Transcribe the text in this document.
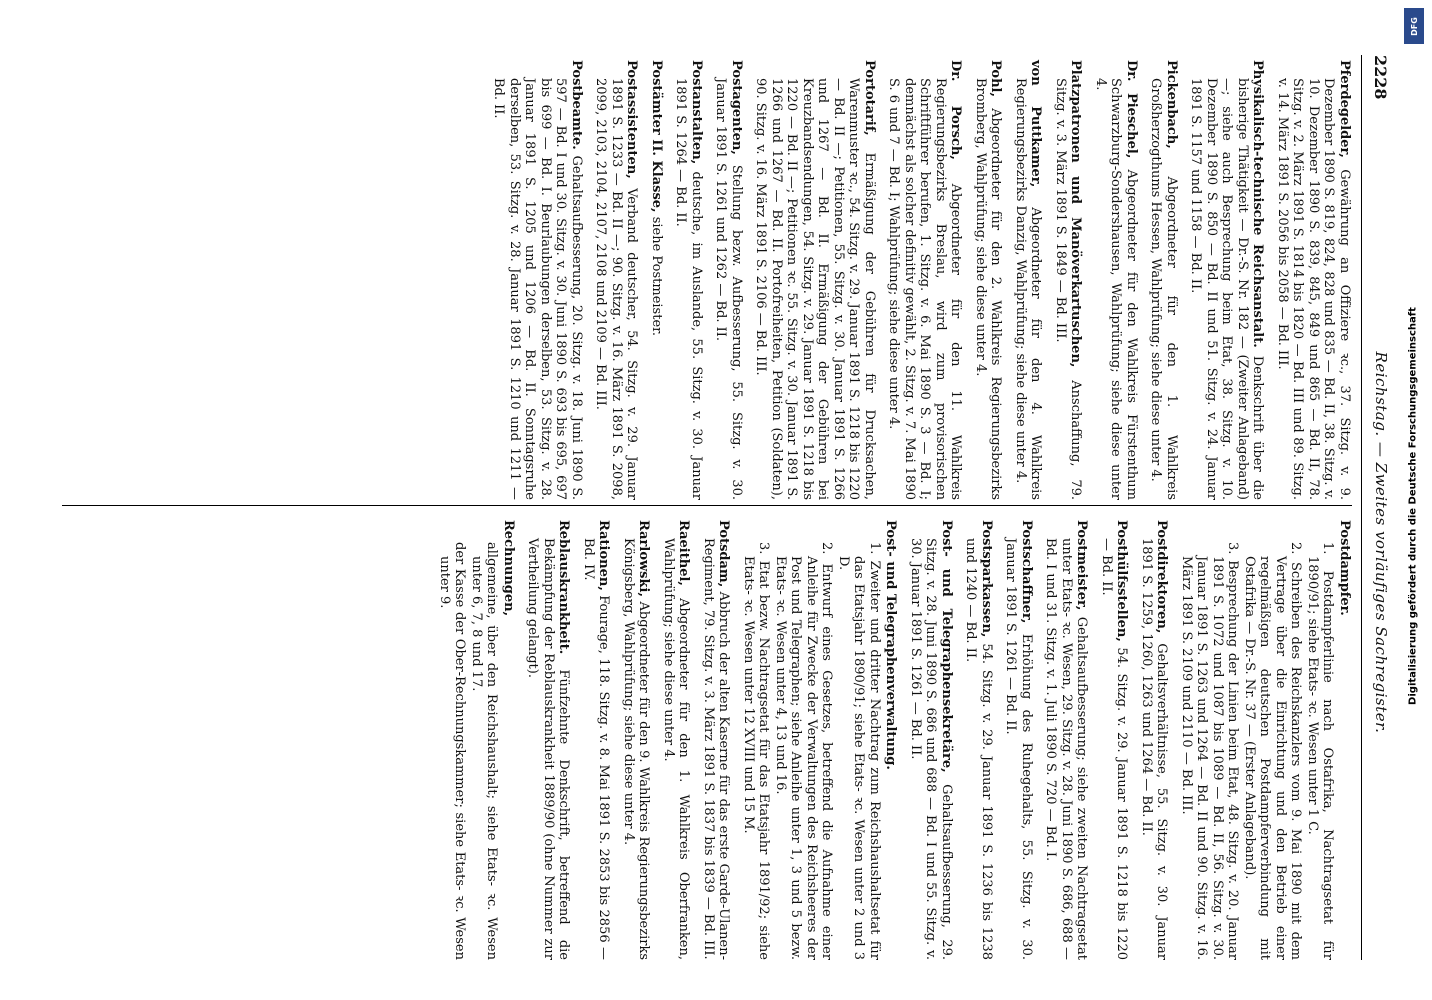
2228
Reichstag. — Zweites vorläufiges Sachregister.
Pferdegelder, Gewährung an Offiziere ꝛc., 37. Sitzg. v. 9. Dezember 1890 S. 819, 824, 828 und 835 — Bd. II, 38. Sitzg. v. 10. Dezember 1890 S. 839, 845, 849 und 865 — Bd. II, 78. Sitzg. v. 2. März 1891 S. 1814 bis 1820 — Bd. III und 89. Sitzg. v. 14. März 1891 S. 2056 bis 2058 — Bd. III.
Physikalisch-technische Reichsanstalt. Denkschrift über die bisherige Thätigkeit — Dr.-S. Nr. 182 — (Zweiter Anlageband) —; siehe auch Besprechung beim Etat, 38. Sitzg. v. 10. Dezember 1890 S. 850 — Bd. II und 51. Sitzg. v. 24. Januar 1891 S. 1157 und 1158 — Bd. II.
Pickenbach, Abgeordneter für den 1. Wahlkreis Großherzogthums Hessen, Wahlprüfung; siehe diese unter 4.
Dr. Pieschel, Abgeordneter für den Wahlkreis Fürstenthum Schwarzburg-Sondershausen, Wahlprüfung; siehe diese unter 4.
Platzpatronen und Manöverkartuschen, Anschaffung, 79. Sitzg. v. 3. März 1891 S. 1849 — Bd. III.
von Puttkamer, Abgeordneter für den 4. Wahlkreis Regierungsbezirks Danzig, Wahlprüfung; siehe diese unter 4.
Pohl, Abgeordneter für den 2. Wahlkreis Regierungsbezirks Bromberg, Wahlprüfung; siehe diese unter 4.
Dr. Porsch, Abgeordneter für den 11. Wahlkreis Regierungsbezirks Breslau, wird zum provisorischen Schriftführer berufen, 1. Sitzg. v. 6. Mai 1890 S. 3 — Bd. I; demnächst als solcher definitiv gewählt, 2. Sitzg. v. 7. Mai 1890 S. 6 und 7 — Bd. I; Wahlprüfung; siehe diese unter 4.
Portotarif, Ermäßigung der Gebühren für Drucksachen, Warenmuster ꝛc., 54. Sitzg. v. 29. Januar 1891 S. 1218 bis 1220 — Bd. II —; Petitionen, 55. Sitzg. v. 30. Januar 1891 S. 1266 und 1267 — Bd. II. Ermäßigung der Gebühren bei Kreuzbandsendungen, 54. Sitzg. v. 29. Januar 1891 S. 1218 bis 1220 — Bd. II —; Petitionen ꝛc. 55. Sitzg. v. 30. Januar 1891 S. 1266 und 1267 — Bd. II. Portofreiheiten, Petition (Soldaten), 90. Sitzg. v. 16. März 1891 S. 2106 — Bd. III.
Postagenten, Stellung bezw. Aufbesserung, 55. Sitzg. v. 30. Januar 1891 S. 1261 und 1262 — Bd. II.
Postanstalten, deutsche, im Auslande, 55. Sitzg. v. 30. Januar 1891 S. 1264 — Bd. II.
Postämter II. Klasse, siehe Postmeister.
Postassistenten, Verband deutscher, 54. Sitzg. v. 29. Januar 1891 S. 1233 — Bd. II —; 90. Sitzg. v. 16. März 1891 S. 2098, 2099, 2103, 2104, 2107, 2108 und 2109 — Bd. III.
Postbeamte. Gehaltsaufbesserung, 20. Sitzg. v. 18. Juni 1890 S. 597 — Bd. I und 30. Sitzg. v. 30. Juni 1890 S. 693 bis 695, 697 bis 699 — Bd. I. Beurlaubungen derselben, 53. Sitzg. v. 28. Januar 1891 S. 1205 und 1206 — Bd. II. Sonntagsruhe derselben, 53. Sitzg. v. 28. Januar 1891 S. 1210 und 1211 — Bd. II.
Postdampfer.
1. Postdampferlinie nach Ostafrika, Nachtragsetat für 1890/91; siehe Etats- ꝛc. Wesen unter 1 C.
2. Schreiben des Reichskanzlers vom 9. Mai 1890 mit dem Vertrage über die Einrichtung und den Betrieb einer regelmäßigen deutschen Postdampferverbindung mit Ostafrika — Dr.-S. Nr. 37 — (Erster Anlageband).
3. Besprechung der Linien beim Etat, 48. Sitzg. v. 20. Januar 1891 S. 1072 und 1087 bis 1089 — Bd. II, 56. Sitzg. v. 30. Januar 1891 S. 1263 und 1264 — Bd. II und 90. Sitzg. v. 16. März 1891 S. 2109 und 2110 — Bd. III.
Postdirektoren, Gehaltsverhältnisse, 55. Sitzg. v. 30. Januar 1891 S. 1259, 1260, 1263 und 1264 — Bd. II.
Posthülfsstellen, 54. Sitzg. v. 29. Januar 1891 S. 1218 bis 1220 — Bd. II.
Postmeister, Gehaltsaufbesserung; siehe zweiten Nachtragsetat unter Etats- ꝛc. Wesen, 29. Sitzg. v. 28. Juni 1890 S. 686, 688 — Bd. I und 31. Sitzg. v. 1. Juli 1890 S. 720 — Bd. I.
Postschaffner, Erhöhung des Ruhegehalts, 55. Sitzg. v. 30. Januar 1891 S. 1261 — Bd. II.
Postsparkassen, 54. Sitzg. v. 29. Januar 1891 S. 1236 bis 1238 und 1240 — Bd. II.
Post- und Telegraphensekretäre, Gehaltsaufbesserung, 29. Sitzg. v. 28. Juni 1890 S. 686 und 688 — Bd. I und 55. Sitzg. v. 30. Januar 1891 S. 1261 — Bd. II.
Post- und Telegraphenverwaltung.
1. Zweiter und dritter Nachtrag zum Reichshaushaltsetat für das Etatsjahr 1890/91; siehe Etats- ꝛc. Wesen unter 2 und 3 D.
2. Entwurf eines Gesetzes, betreffend die Aufnahme einer Anleihe für Zwecke der Verwaltungen des Reichsheeres der Post und Telegraphen; siehe Anleihe unter 1, 3 und 5 bezw. Etats- ꝛc. Wesen unter 4, 13 und 16.
3. Etat bezw. Nachtragsetat für das Etatsjahr 1891/92; siehe Etats- ꝛc. Wesen unter 12 XVIII und 15 M.
Potsdam, Abbruch der alten Kaserne für das erste Garde-Ulanen-Regiment, 79. Sitzg. v. 3. März 1891 S. 1837 bis 1839 — Bd. III.
Raeithel, Abgeordneter für den 1. Wahlkreis Oberfranken, Wahlprüfung; siehe diese unter 4.
Rarlowski, Abgeordneter für den 9. Wahlkreis Regierungsbezirks Königsberg, Wahlprüfung; siehe diese unter 4.
Rationen, Fourage, 118. Sitzg. v. 8. Mai 1891 S. 2853 bis 2856 — Bd. IV.
Reblauskrankheit. Fünfzehnte Denkschrift, betreffend die Bekämpfung der Reblauskrankheit 1889/90 (ohne Nummer zur Vertheilung gelangt).
Rechnungen,
allgemeine, über den Reichshaushalt; siehe Etats- ꝛc. Wesen unter 6, 7, 8 und 17.
der Kasse der Ober-Rechnungskammer; siehe Etats- ꝛc. Wesen unter 9.	Digitalisierung gefördert durch die Deutsche Forschungsgemeinschaft
DFG
